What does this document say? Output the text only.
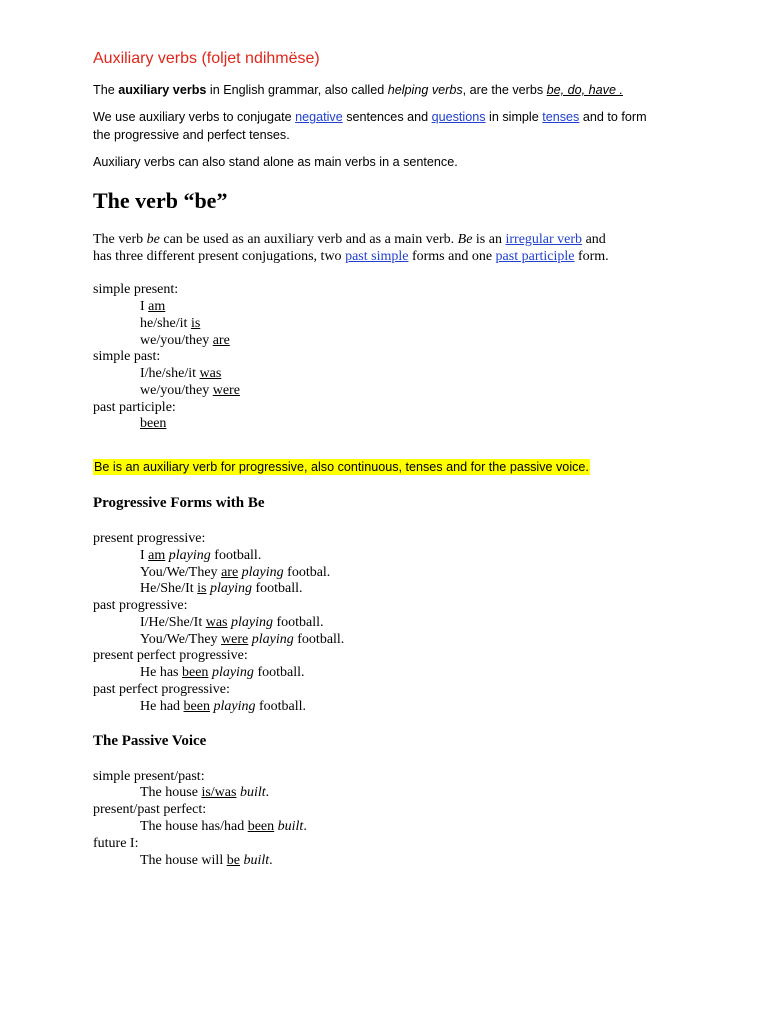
Auxiliary verbs (foljet ndihmëse)

The auxiliary verbs in English grammar, also called helping verbs, are the verbs be, do, have .

We use auxiliary verbs to conjugate negative sentences and questions in simple tenses and to form

the progressive and perfect tenses.

Auxiliary verbs can also stand alone as main verbs in a sentence.

The verb “be”

The verb be can be used as an auxiliary verb and as a main verb. Be is an irregular verb and

has three different present conjugations, two past simple forms and one past participle form.

simple present:

I am

he/she/it is

we/you/they are

simple past:

I/he/she/it was

we/you/they were

past participle:

been

Be is an auxiliary verb for progressive, also continuous, tenses and for the passive voice.

Progressive Forms with Be

present progressive:

I am playing football.

You/We/They are playing footbal.

He/She/It is playing football.

past progressive:

I/He/She/It was playing football.

You/We/They were playing football.

present perfect progressive:

He has been playing football.

past perfect progressive:

He had been playing football.

The Passive Voice

simple present/past:

The house is/was built.

present/past perfect:

The house has/had been built.

future I:

The house will be built.
